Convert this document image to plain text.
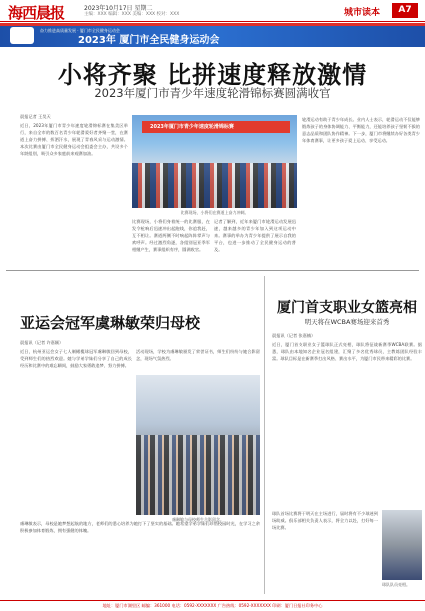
海西晨报	2023年10月17日 星期二
主编：XXX 编辑：XXX 美编：XXX 校对：XXX	城市读本	A7
奋力推进高质量发展 · 厦门市全民健身运动会
2023年 厦门市全民健身运动会
小将齐聚 比拼速度释放激情
2023年厦门市青少年速度轮滑锦标赛圆满收官
晨报记者 王昊天
近日，2023年厦门市青少年速度轮滑锦标赛在集美区举行，来自全市的数百名青少年轮滑爱好者齐聚一堂，在赛道上奋力拼搏、挥洒汗水，展现了青春风采与运动激情。本次比赛由厦门市全民健身运动会组委会主办，共设多个年龄组别，吸引众多家庭前来观赛加油。
2023年厦门市青少年速度轮滑锦标赛
比赛现场，小将们在赛道上奋力冲刺。
比赛现场，小将们身着统一的比赛服，在发令枪响后迅速冲出起跑线，你追我赶，互不相让。赛道两侧不时响起阵阵掌声与欢呼声。经过激烈角逐，各组别冠亚季军相继产生，赛事组织有序，圆满收官。
记者了解到，近年来厦门市轮滑运动发展迅速，越来越多的青少年加入到这项运动中来。赛事的举办为青少年提供了展示自我的平台，也进一步推动了全民健身运动的普及。
轮滑运动有助于青少年成长。业内人士表示，轮滑运动不仅能够锻炼孩子的身体协调能力、平衡能力，还能培养孩子坚韧不拔的意志品质和团队协作精神。下一步，厦门市将继续办好各类青少年体育赛事，让更多孩子爱上运动、享受运动。
亚运会冠军虞琳敏荣归母校
晨报讯（记者 许嘉颖）
近日，杭州亚运会女子七人制橄榄球冠军虞琳敏回到母校，受到师生们的热烈欢迎。她与学弟学妹们分享了自己的成长经历和比赛中的难忘瞬间，鼓励大家勇敢追梦、努力拼搏。
活动现场，学校为虞琳敏颁发了荣誉证书，师生们纷纷与她合影留念，现场气氛热烈。
虞琳敏与母校师生合影留念。
虞琳敏表示，母校是她梦想起航的地方，老师们的悉心培养为她打下了坚实的基础。她希望学弟学妹们珍惜校园时光，在学习之余积极参加体育锻炼，拥有强健的体魄。
厦门首支职业女篮亮相
明天将在WCBA赛场迎来首秀
晨报讯（记者 张嘉楠）
近日，厦门首支职业女子篮球队正式亮相，球队将征战新赛季WCBA联赛。据悉，球队由本地知名企业冠名组建，汇聚了多名优秀球员，主教练团队经验丰富。球队目标是在新赛季打出风格、赛出水平，为厦门市民带来精彩的比赛。
球队首场比赛将于明天在主场进行，届时将有不少球迷到场助威。俱乐部相关负责人表示，将全力以赴，打好每一场比赛。
球队队员亮相。
地址：厦门市湖里区 邮编：361000 电话：0592-XXXXXXX 广告热线：0592-XXXXXXX 印刷：厦门日报社印务中心
